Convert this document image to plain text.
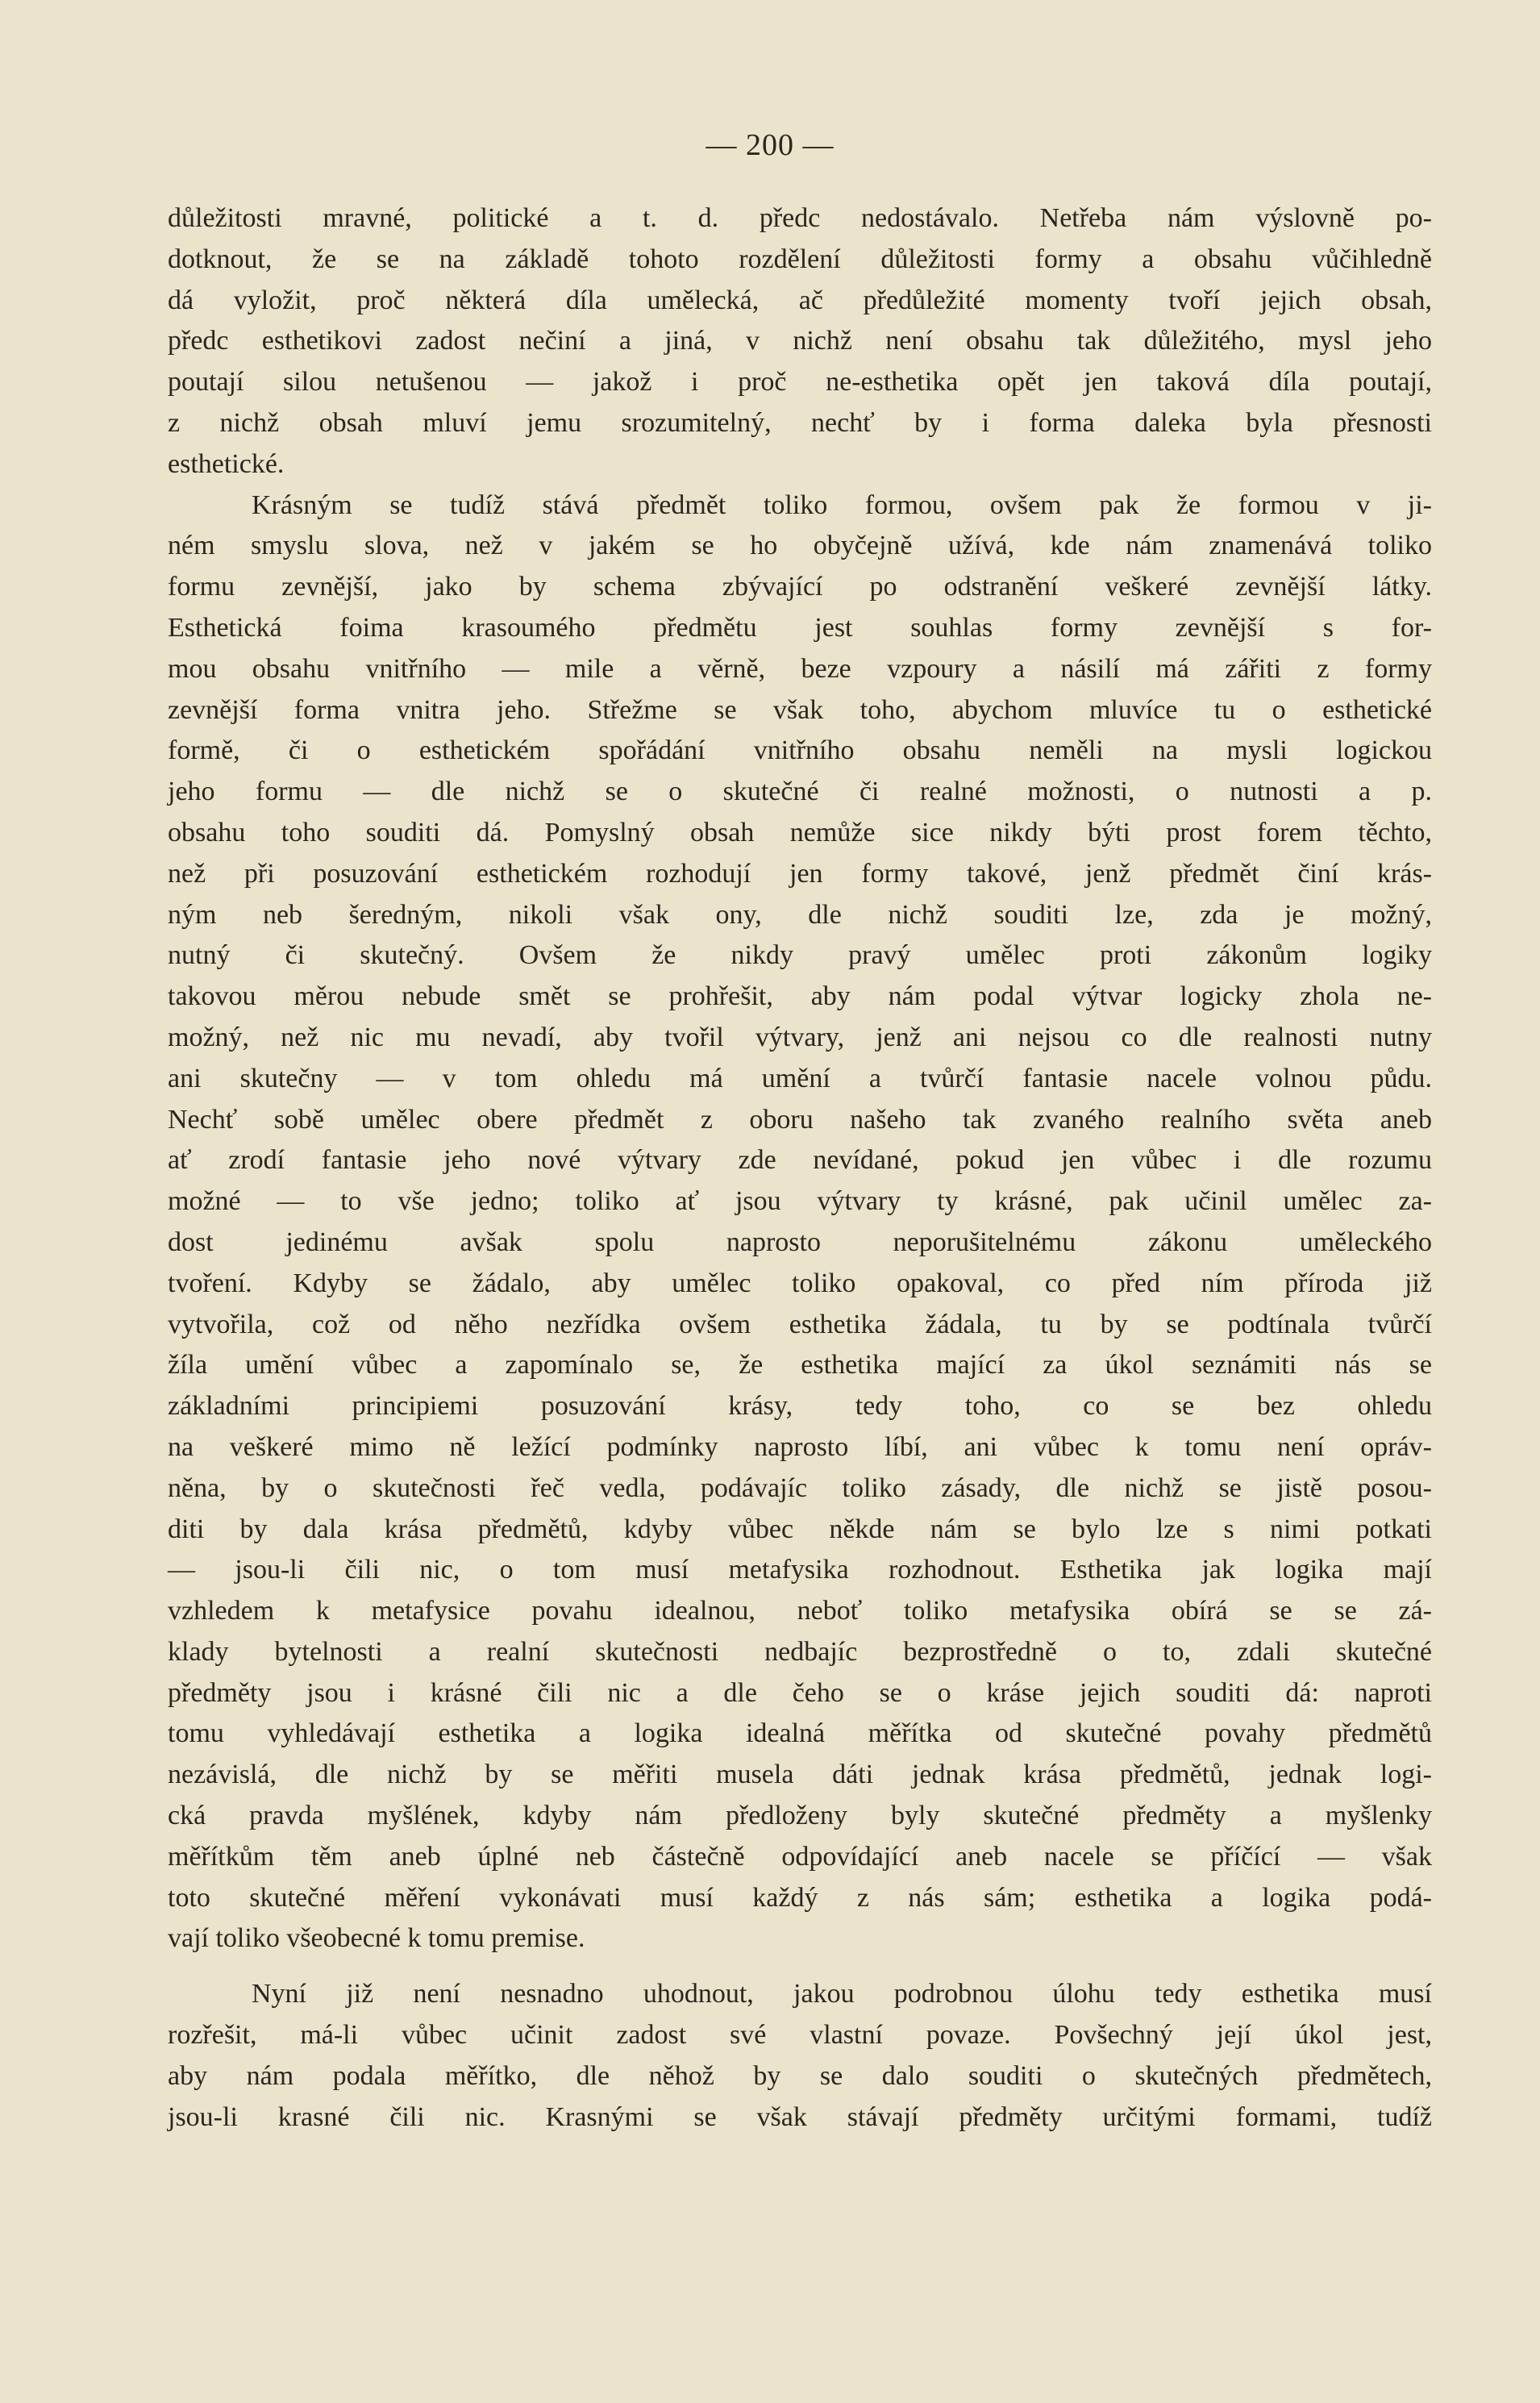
— 200 —

důležitosti mravné, politické a t. d. předc nedostávalo. Netřeba nám výslovně po-

dotknout, že se na základě tohoto rozdělení důležitosti formy a obsahu vůčihledně

dá vyložit, proč některá díla umělecká, ač předůležité momenty tvoří jejich obsah,

předc esthetikovi zadost nečiní a jiná, v nichž není obsahu tak důležitého, mysl jeho

poutají silou netušenou — jakož i proč ne-esthetika opět jen taková díla poutají,

z nichž obsah mluví jemu srozumitelný, nechť by i forma daleka byla přesnosti

esthetické.

Krásným se tudíž stává předmět toliko formou, ovšem pak že formou v ji-

ném smyslu slova, než v jakém se ho obyčejně užívá, kde nám znamenává toliko

formu zevnější, jako by schema zbývající po odstranění veškeré zevnější látky.

Esthetická foima krasoumého předmětu jest souhlas formy zevnější s for-

mou obsahu vnitřního — mile a věrně, beze vzpoury a násilí má zářiti z formy

zevnější forma vnitra jeho. Střežme se však toho, abychom mluvíce tu o esthetické

formě, či o esthetickém spořádání vnitřního obsahu neměli na mysli logickou

jeho formu — dle nichž se o skutečné či realné možnosti, o nutnosti a p.

obsahu toho souditi dá. Pomyslný obsah nemůže sice nikdy býti prost forem těchto,

než při posuzování esthetickém rozhodují jen formy takové, jenž předmět činí krás-

ným neb šeredným, nikoli však ony, dle nichž souditi lze, zda je možný,

nutný či skutečný. Ovšem že nikdy pravý umělec proti zákonům logiky

takovou měrou nebude smět se prohřešit, aby nám podal výtvar logicky zhola ne-

možný, než nic mu nevadí, aby tvořil výtvary, jenž ani nejsou co dle realnosti nutny

ani skutečny — v tom ohledu má umění a tvůrčí fantasie nacele volnou půdu.

Nechť sobě umělec obere předmět z oboru našeho tak zvaného realního světa aneb

ať zrodí fantasie jeho nové výtvary zde nevídané, pokud jen vůbec i dle rozumu

možné — to vše jedno; toliko ať jsou výtvary ty krásné, pak učinil umělec za-

dost jedinému avšak spolu naprosto neporušitelnému zákonu uměleckého

tvoření. Kdyby se žádalo, aby umělec toliko opakoval, co před ním příroda již

vytvořila, což od něho nezřídka ovšem esthetika žádala, tu by se podtínala tvůrčí

žíla umění vůbec a zapomínalo se, že esthetika mající za úkol seznámiti nás se

základními principiemi posuzování krásy, tedy toho, co se bez ohledu

na veškeré mimo ně ležící podmínky naprosto líbí, ani vůbec k tomu není opráv-

něna, by o skutečnosti řeč vedla, podávajíc toliko zásady, dle nichž se jistě posou-

diti by dala krása předmětů, kdyby vůbec někde nám se bylo lze s nimi potkati

— jsou-li čili nic, o tom musí metafysika rozhodnout. Esthetika jak logika mají

vzhledem k metafysice povahu idealnou, neboť toliko metafysika obírá se se zá-

klady bytelnosti a realní skutečnosti nedbajíc bezprostředně o to, zdali skutečné

předměty jsou i krásné čili nic a dle čeho se o kráse jejich souditi dá: naproti

tomu vyhledávají esthetika a logika idealná měřítka od skutečné povahy předmětů

nezávislá, dle nichž by se měřiti musela dáti jednak krása předmětů, jednak logi-

cká pravda myšlének, kdyby nám předloženy byly skutečné předměty a myšlenky

měřítkům těm aneb úplné neb částečně odpovídající aneb nacele se příčící — však

toto skutečné měření vykonávati musí každý z nás sám; esthetika a logika podá-

vají toliko všeobecné k tomu premise.

Nyní již není nesnadno uhodnout, jakou podrobnou úlohu tedy esthetika musí

rozřešit, má-li vůbec učinit zadost své vlastní povaze. Povšechný její úkol jest,

aby nám podala měřítko, dle něhož by se dalo souditi o skutečných předmětech,

jsou-li krasné čili nic. Krasnými se však stávají předměty určitými formami, tudíž
